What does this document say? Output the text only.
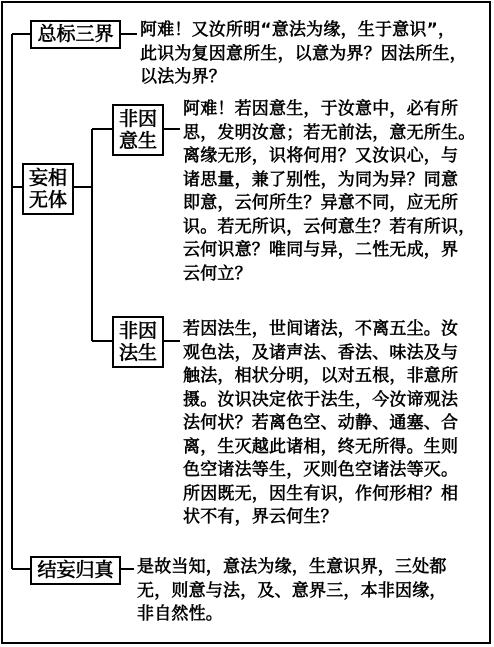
总标三界	阿难！又汝所明“意法为缘，生于意识”，
此识为复因意所生，以意为界？因法所生，
以法为界？
妄相
无体
非因
意生
阿难！若因意生，于汝意中，必有所
思，发明汝意；若无前法，意无所生。
离缘无形，识将何用？又汝识心，与
诸思量，兼了别性，为同为异？同意
即意，云何所生？异意不同，应无所
识。若无所识，云何意生？若有所识，
云何识意？唯同与异，二性无成，界
云何立？
非因
法生
若因法生，世间诸法，不离五尘。汝
观色法，及诸声法、香法、味法及与
触法，相状分明，以对五根，非意所
摄。汝识决定依于法生，今汝谛观法
法何状？若离色空、动静、通塞、合
离，生灭越此诸相，终无所得。生则
色空诸法等生，灭则色空诸法等灭。
所因既无，因生有识，作何形相？相
状不有，界云何生？
结妄归真	是故当知，意法为缘，生意识界，三处都
无，则意与法，及、意界三，本非因缘，
非自然性。
